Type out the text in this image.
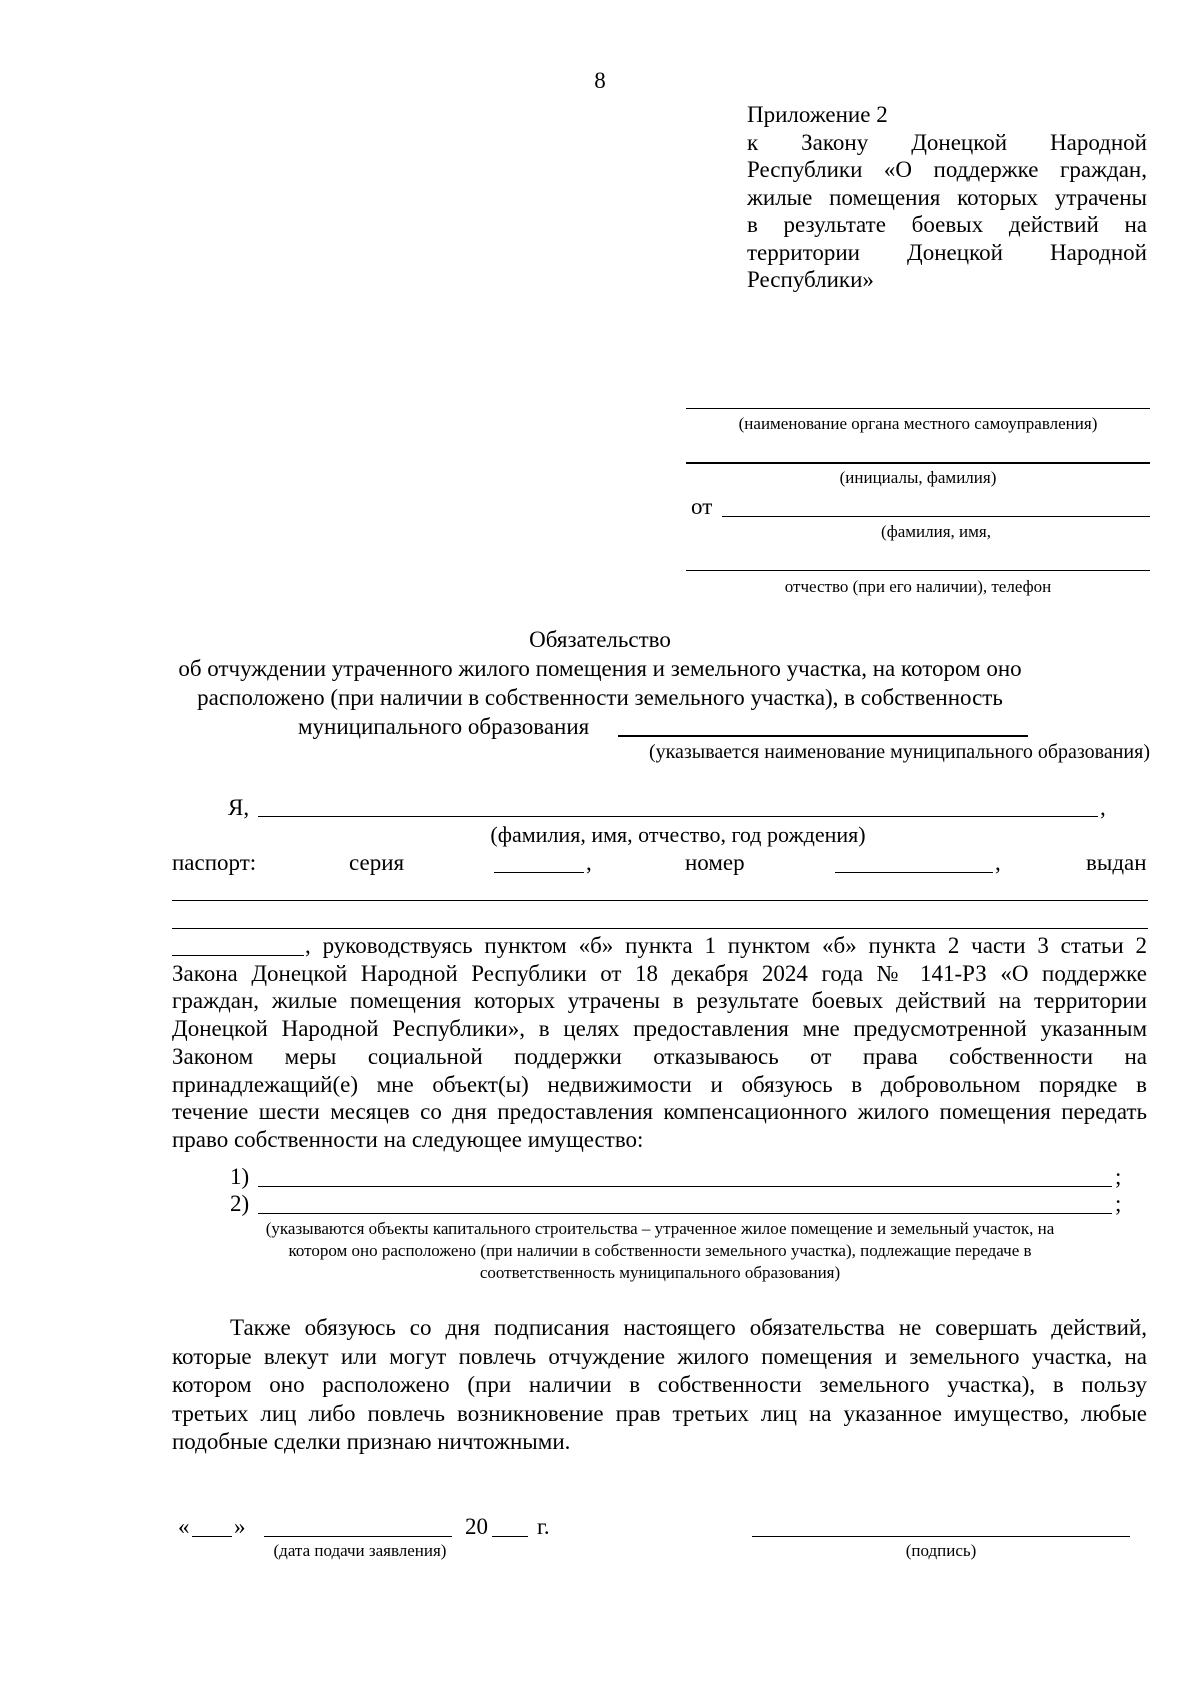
8
Приложение 2
к Закону Донецкой Народной
Республики «О поддержке граждан,
жилые помещения которых утрачены
в результате боевых действий на
территории Донецкой Народной
Республики»
(наименование органа местного самоуправления)
(инициалы, фамилия)
от
(фамилия, имя,
отчество (при его наличии), телефон
Обязательство
об отчуждении утраченного жилого помещения и земельного участка, на котором оно
расположено (при наличии в собственности земельного участка), в собственность
муниципального образования
(указывается наименование муниципального образования)
Я,	,
(фамилия, имя, отчество, год рождения)
паспорт:	серия	,	номер	,	выдан
, руководствуясь пунктом «б» пункта 1 пунктом «б» пункта 2 части 3 статьи 2
Закона Донецкой Народной Республики от 18 декабря 2024 года № 141-РЗ «О поддержке
граждан, жилые помещения которых утрачены в результате боевых действий на территории
Донецкой Народной Республики», в целях предоставления мне предусмотренной указанным
Законом меры социальной поддержки отказываюсь от права собственности на
принадлежащий(е) мне объект(ы) недвижимости и обязуюсь в добровольном порядке в
течение шести месяцев со дня предоставления компенсационного жилого помещения передать
право собственности на следующее имущество:
1)	;
2)	;
(указываются объекты капитального строительства – утраченное жилое помещение и земельный участок, на
котором оно расположено (при наличии в собственности земельного участка), подлежащие передаче в
соответственность муниципального образования)
Также обязуюсь со дня подписания настоящего обязательства не совершать действий,
которые влекут или могут повлечь отчуждение жилого помещения и земельного участка, на
котором оно расположено (при наличии в собственности земельного участка), в пользу
третьих лиц либо повлечь возникновение прав третьих лиц на указанное имущество, любые
подобные сделки признаю ничтожными.
« »	20 г.
(дата подачи заявления)	(подпись)
